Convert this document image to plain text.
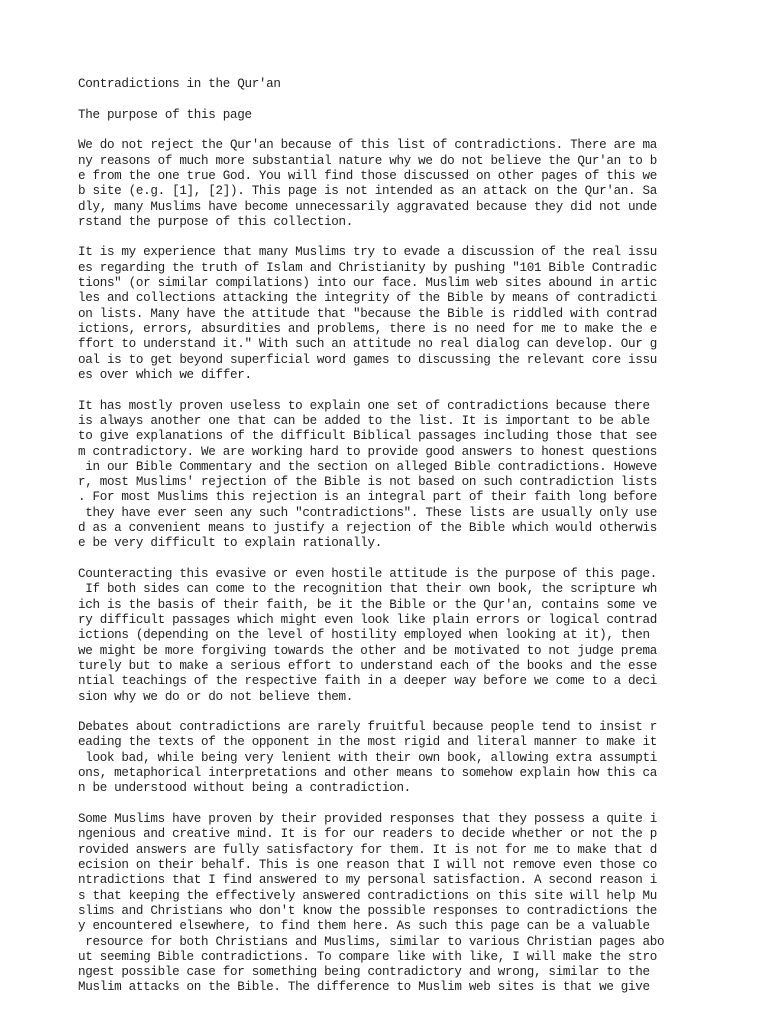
Contradictions in the Qur'an
The purpose of this page
We do not reject the Qur'an because of this list of contradictions. There are ma
ny reasons of much more substantial nature why we do not believe the Qur'an to b
e from the one true God. You will find those discussed on other pages of this we
b site (e.g. [1], [2]). This page is not intended as an attack on the Qur'an. Sa
dly, many Muslims have become unnecessarily aggravated because they did not unde
rstand the purpose of this collection.
It is my experience that many Muslims try to evade a discussion of the real issu
es regarding the truth of Islam and Christianity by pushing "101 Bible Contradic
tions" (or similar compilations) into our face. Muslim web sites abound in artic
les and collections attacking the integrity of the Bible by means of contradicti
on lists. Many have the attitude that "because the Bible is riddled with contrad
ictions, errors, absurdities and problems, there is no need for me to make the e
ffort to understand it." With such an attitude no real dialog can develop. Our g
oal is to get beyond superficial word games to discussing the relevant core issu
es over which we differ.
It has mostly proven useless to explain one set of contradictions because there
is always another one that can be added to the list. It is important to be able
to give explanations of the difficult Biblical passages including those that see
m contradictory. We are working hard to provide good answers to honest questions
in our Bible Commentary and the section on alleged Bible contradictions. Howeve
r, most Muslims' rejection of the Bible is not based on such contradiction lists
. For most Muslims this rejection is an integral part of their faith long before
they have ever seen any such "contradictions". These lists are usually only use
d as a convenient means to justify a rejection of the Bible which would otherwis
e be very difficult to explain rationally.
Counteracting this evasive or even hostile attitude is the purpose of this page.
If both sides can come to the recognition that their own book, the scripture wh
ich is the basis of their faith, be it the Bible or the Qur'an, contains some ve
ry difficult passages which might even look like plain errors or logical contrad
ictions (depending on the level of hostility employed when looking at it), then
we might be more forgiving towards the other and be motivated to not judge prema
turely but to make a serious effort to understand each of the books and the esse
ntial teachings of the respective faith in a deeper way before we come to a deci
sion why we do or do not believe them.
Debates about contradictions are rarely fruitful because people tend to insist r
eading the texts of the opponent in the most rigid and literal manner to make it
look bad, while being very lenient with their own book, allowing extra assumpti
ons, metaphorical interpretations and other means to somehow explain how this ca
n be understood without being a contradiction.
Some Muslims have proven by their provided responses that they possess a quite i
ngenious and creative mind. It is for our readers to decide whether or not the p
rovided answers are fully satisfactory for them. It is not for me to make that d
ecision on their behalf. This is one reason that I will not remove even those co
ntradictions that I find answered to my personal satisfaction. A second reason i
s that keeping the effectively answered contradictions on this site will help Mu
slims and Christians who don't know the possible responses to contradictions the
y encountered elsewhere, to find them here. As such this page can be a valuable
resource for both Christians and Muslims, similar to various Christian pages abo
ut seeming Bible contradictions. To compare like with like, I will make the stro
ngest possible case for something being contradictory and wrong, similar to the
Muslim attacks on the Bible. The difference to Muslim web sites is that we give
